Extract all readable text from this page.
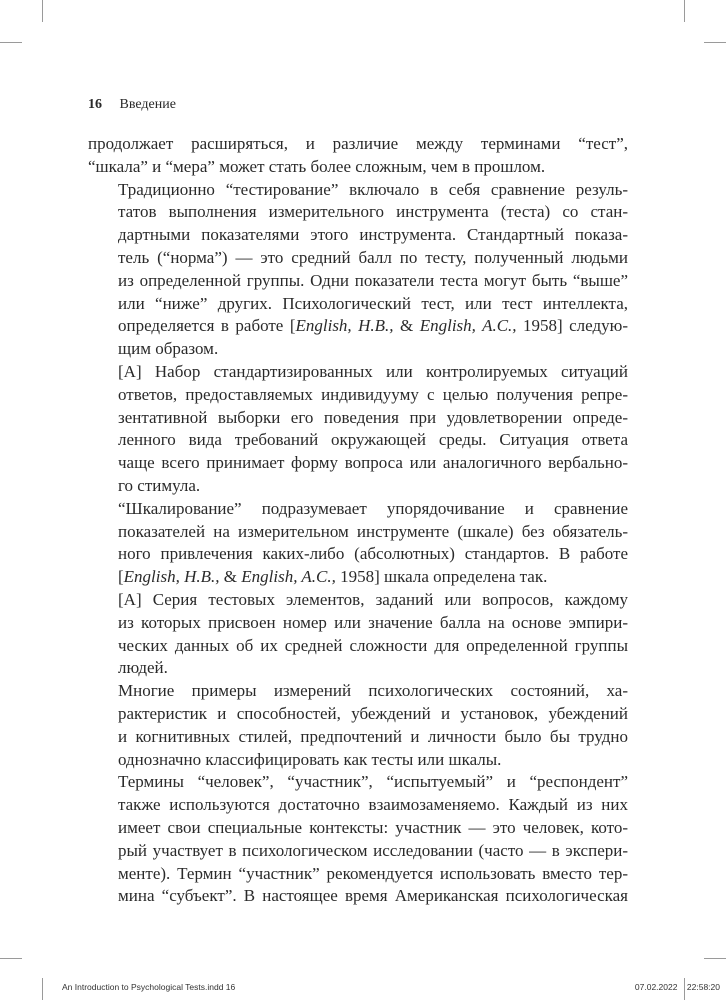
16 Введение

продолжает расширяться, и различие между терминами “тест”,
“шкала” и “мера” может стать более сложным, чем в прошлом.

Традиционно “тестирование” включало в себя сравнение резуль-
татов выполнения измерительного инструмента (теста) со стан-
дартными показателями этого инструмента. Стандартный показа-
тель (“норма”) — это средний балл по тесту, полученный людьми
из определенной группы. Одни показатели теста могут быть “выше”
или “ниже” других. Психологический тест, или тест интеллекта,
определяется в работе [English, H.B., & English, A.C., 1958] следую-
щим образом.

[A] Набор стандартизированных или контролируемых ситуаций
ответов, предоставляемых индивидууму с целью получения репре-
зентативной выборки его поведения при удовлетворении опреде-
ленного вида требований окружающей среды. Ситуация ответа
чаще всего принимает форму вопроса или аналогичного вербально-
го стимула.

“Шкалирование” подразумевает упорядочивание и сравнение
показателей на измерительном инструменте (шкале) без обязатель-
ного привлечения каких-либо (абсолютных) стандартов. В работе
[English, H.B., & English, A.C., 1958] шкала определена так.

[A] Серия тестовых элементов, заданий или вопросов, каждому
из которых присвоен номер или значение балла на основе эмпири-
ческих данных об их средней сложности для определенной группы
людей.

Многие примеры измерений психологических состояний, ха-
рактеристик и способностей, убеждений и установок, убеждений
и когнитивных стилей, предпочтений и личности было бы трудно
однозначно классифицировать как тесты или шкалы.

Термины “человек”, “участник”, “испытуемый” и “респондент”
также используются достаточно взаимозаменяемо. Каждый из них
имеет свои специальные контексты: участник — это человек, кото-
рый участвует в психологическом исследовании (часто — в экспери-
менте). Термин “участник” рекомендуется использовать вместо тер-
мина “субъект”. В настоящее время Американская психологическая

An Introduction to Psychological Tests.indd 16	07.02.2022 22:58:20
